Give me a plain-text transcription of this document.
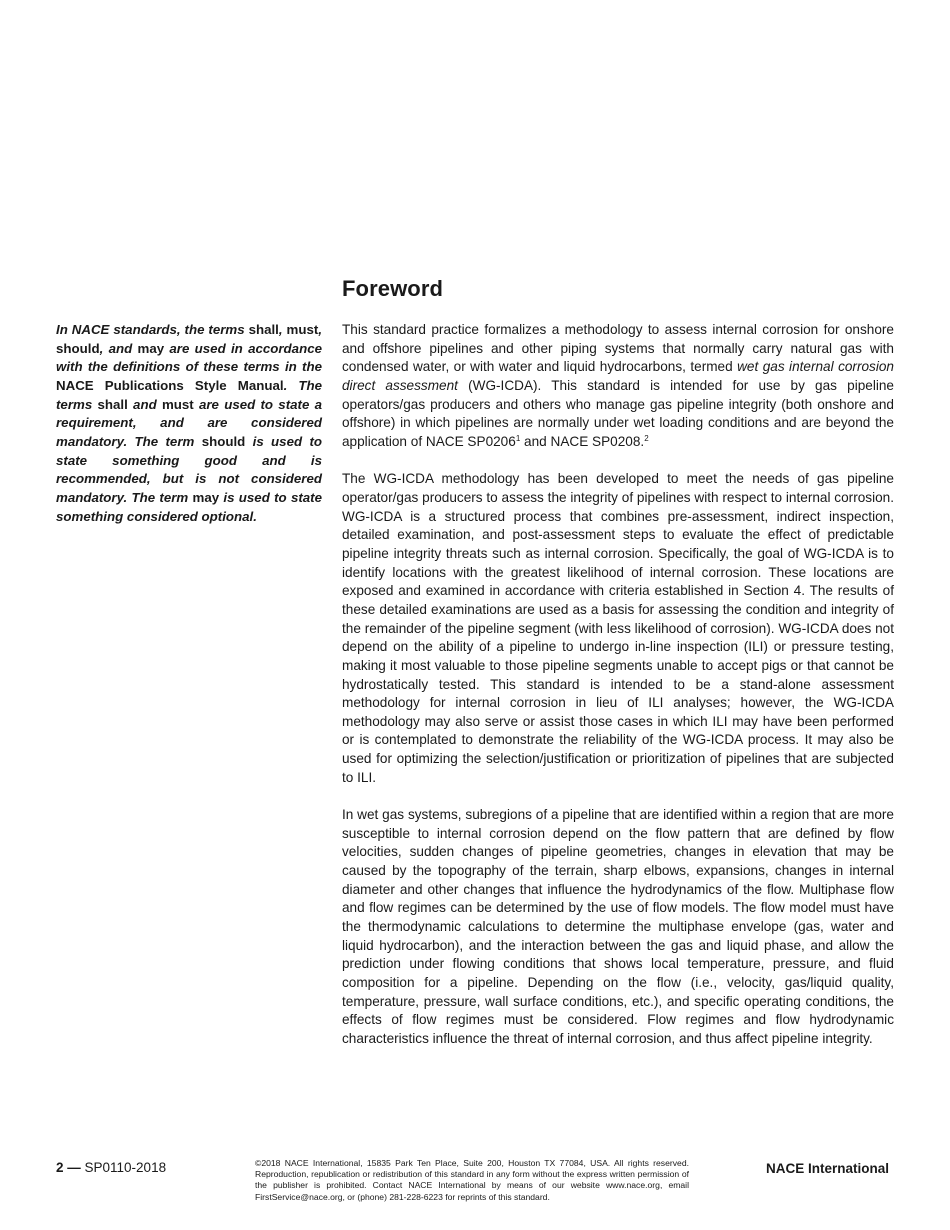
Foreword

In NACE standards, the terms shall, must, should, and may are used in accordance with the definitions of these terms in the NACE Publications Style Manual. The terms shall and must are used to state a requirement, and are considered mandatory. The term should is used to state something good and is recommended, but is not considered mandatory. The term may is used to state something considered optional.

This standard practice formalizes a methodology to assess internal corrosion for onshore and offshore pipelines and other piping systems that normally carry natural gas with condensed water, or with water and liquid hydrocarbons, termed wet gas internal corrosion direct assessment (WG-ICDA). This standard is intended for use by gas pipeline operators/gas producers and others who manage gas pipeline integrity (both onshore and offshore) in which pipelines are normally under wet loading conditions and are beyond the application of NACE SP0206$^1$ and NACE SP0208.$^2$

The WG-ICDA methodology has been developed to meet the needs of gas pipeline operator/gas producers to assess the integrity of pipelines with respect to internal corrosion. WG-ICDA is a structured process that combines pre-assessment, indirect inspection, detailed examination, and post-assessment steps to evaluate the effect of predictable pipeline integrity threats such as internal corrosion. Specifically, the goal of WG-ICDA is to identify locations with the greatest likelihood of internal corrosion. These locations are exposed and examined in accordance with criteria established in Section 4. The results of these detailed examinations are used as a basis for assessing the condition and integrity of the remainder of the pipeline segment (with less likelihood of corrosion). WG-ICDA does not depend on the ability of a pipeline to undergo in-line inspection (ILI) or pressure testing, making it most valuable to those pipeline segments unable to accept pigs or that cannot be hydrostatically tested. This standard is intended to be a stand-alone assessment methodology for internal corrosion in lieu of ILI analyses; however, the WG-ICDA methodology may also serve or assist those cases in which ILI may have been performed or is contemplated to demonstrate the reliability of the WG-ICDA process. It may also be used for optimizing the selection/justification or prioritization of pipelines that are subjected to ILI.

In wet gas systems, subregions of a pipeline that are identified within a region that are more susceptible to internal corrosion depend on the flow pattern that are defined by flow velocities, sudden changes of pipeline geometries, changes in elevation that may be caused by the topography of the terrain, sharp elbows, expansions, changes in internal diameter and other changes that influence the hydrodynamics of the flow. Multiphase flow and flow regimes can be determined by the use of flow models. The flow model must have the thermodynamic calculations to determine the multiphase envelope (gas, water and liquid hydrocarbon), and the interaction between the gas and liquid phase, and allow the prediction under flowing conditions that shows local temperature, pressure, and fluid composition for a pipeline. Depending on the flow (i.e., velocity, gas/liquid quality, temperature, pressure, wall surface conditions, etc.), and specific operating conditions, the effects of flow regimes must be considered. Flow regimes and flow hydrodynamic characteristics influence the threat of internal corrosion, and thus affect pipeline integrity.

2 — SP0110-2018	©2018 NACE International, 15835 Park Ten Place, Suite 200, Houston TX 77084, USA. All rights reserved. Reproduction, republication or redistribution of this standard in any form without the express written permission of the publisher is prohibited. Contact NACE International by means of our website www.nace.org, email FirstService@nace.org, or (phone) 281-228-6223 for reprints of this standard.
NACE International
